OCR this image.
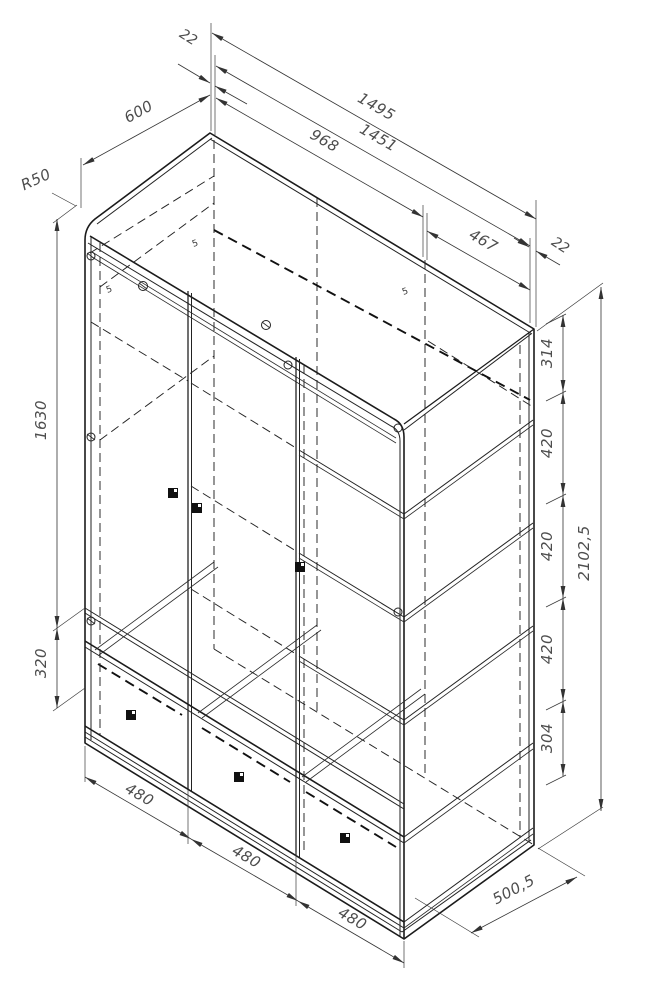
22
1495
1451
968
467	22
600
R50
1630
320
314
420
420
420
304
2102,5
480
480
480
500,5
5
5
5
